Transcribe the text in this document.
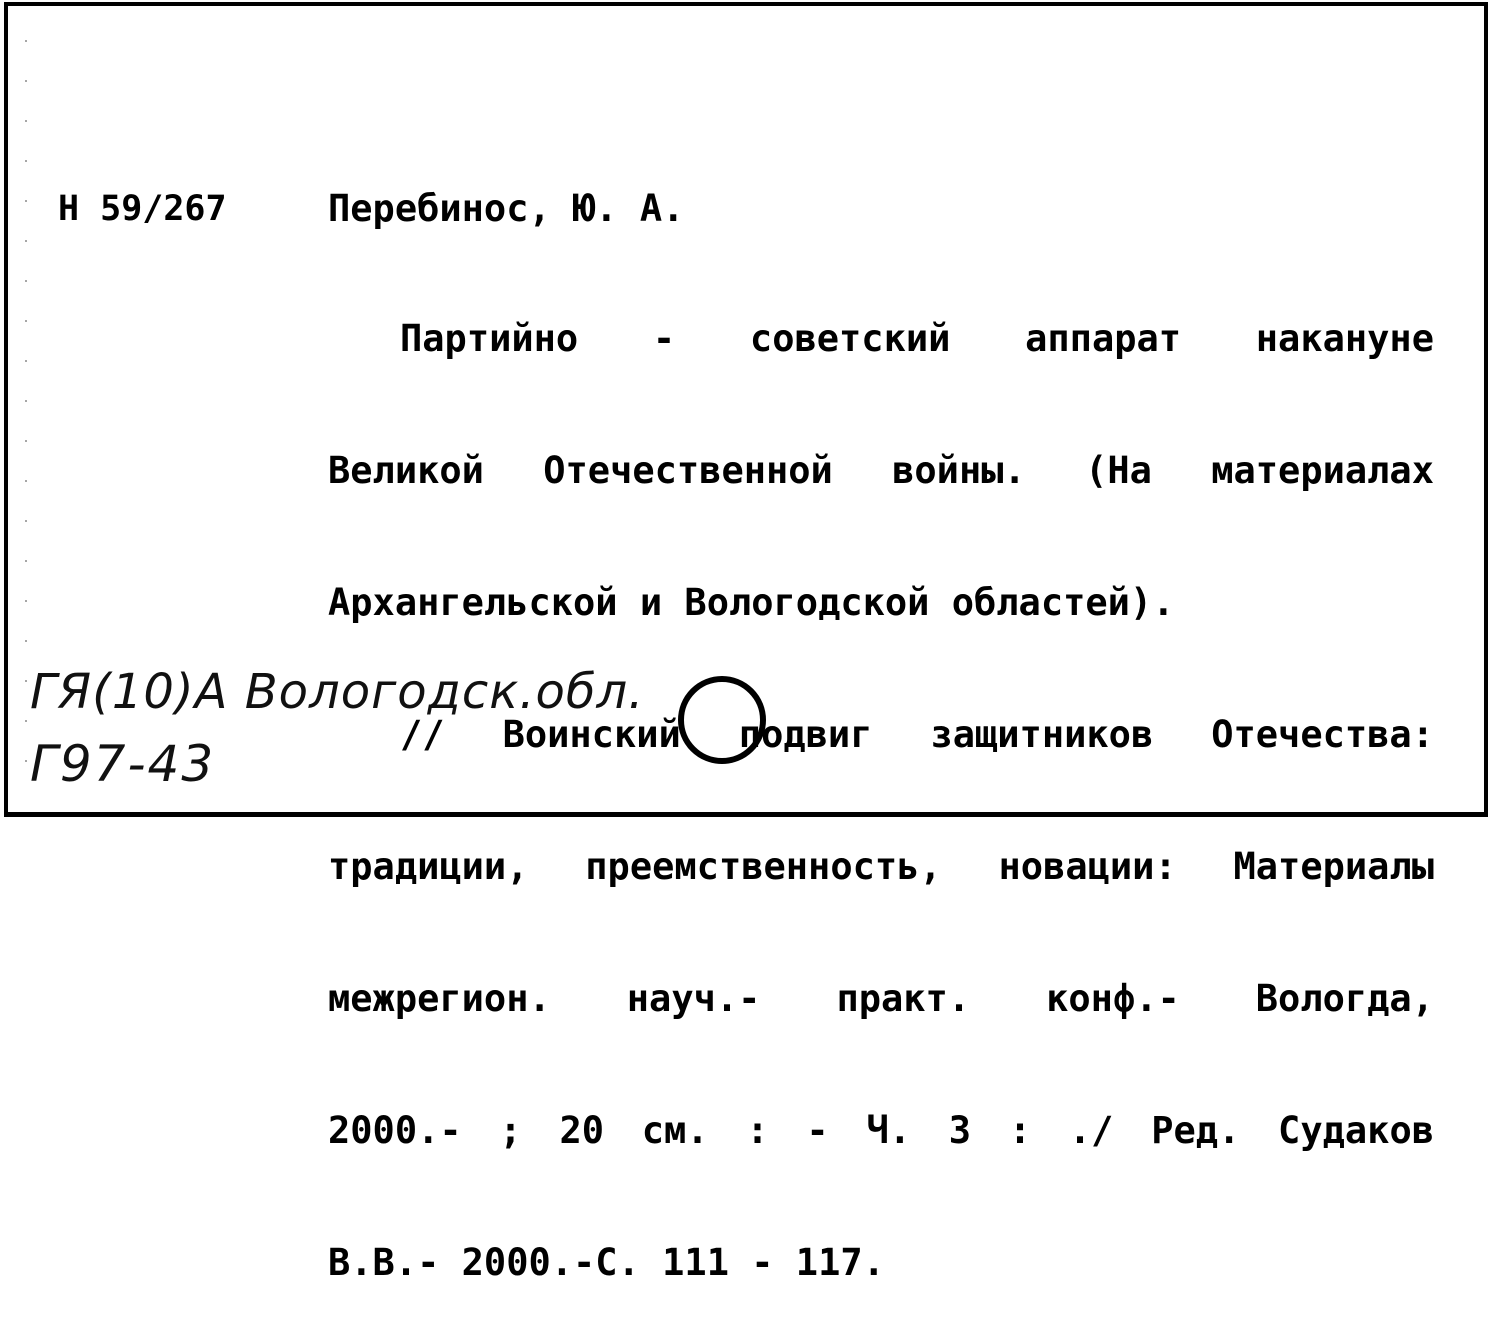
Н 59/267	Перебинос, Ю. А.

Партийно - советский аппарат накануне

Великой Отечественной войны. (На материалах

Архангельской и Вологодской областей).

// Воинский подвиг защитников Отечества:

традиции, преемственность, новации: Материалы

межрегион. науч.- практ. конф.- Вологда,

2000.- ; 20 см. : - Ч. 3 : ./ Ред. Судаков

В.В.- 2000.-С. 111 - 117.

ГЯ(10)А Вологодск.обл.
Г97-43
